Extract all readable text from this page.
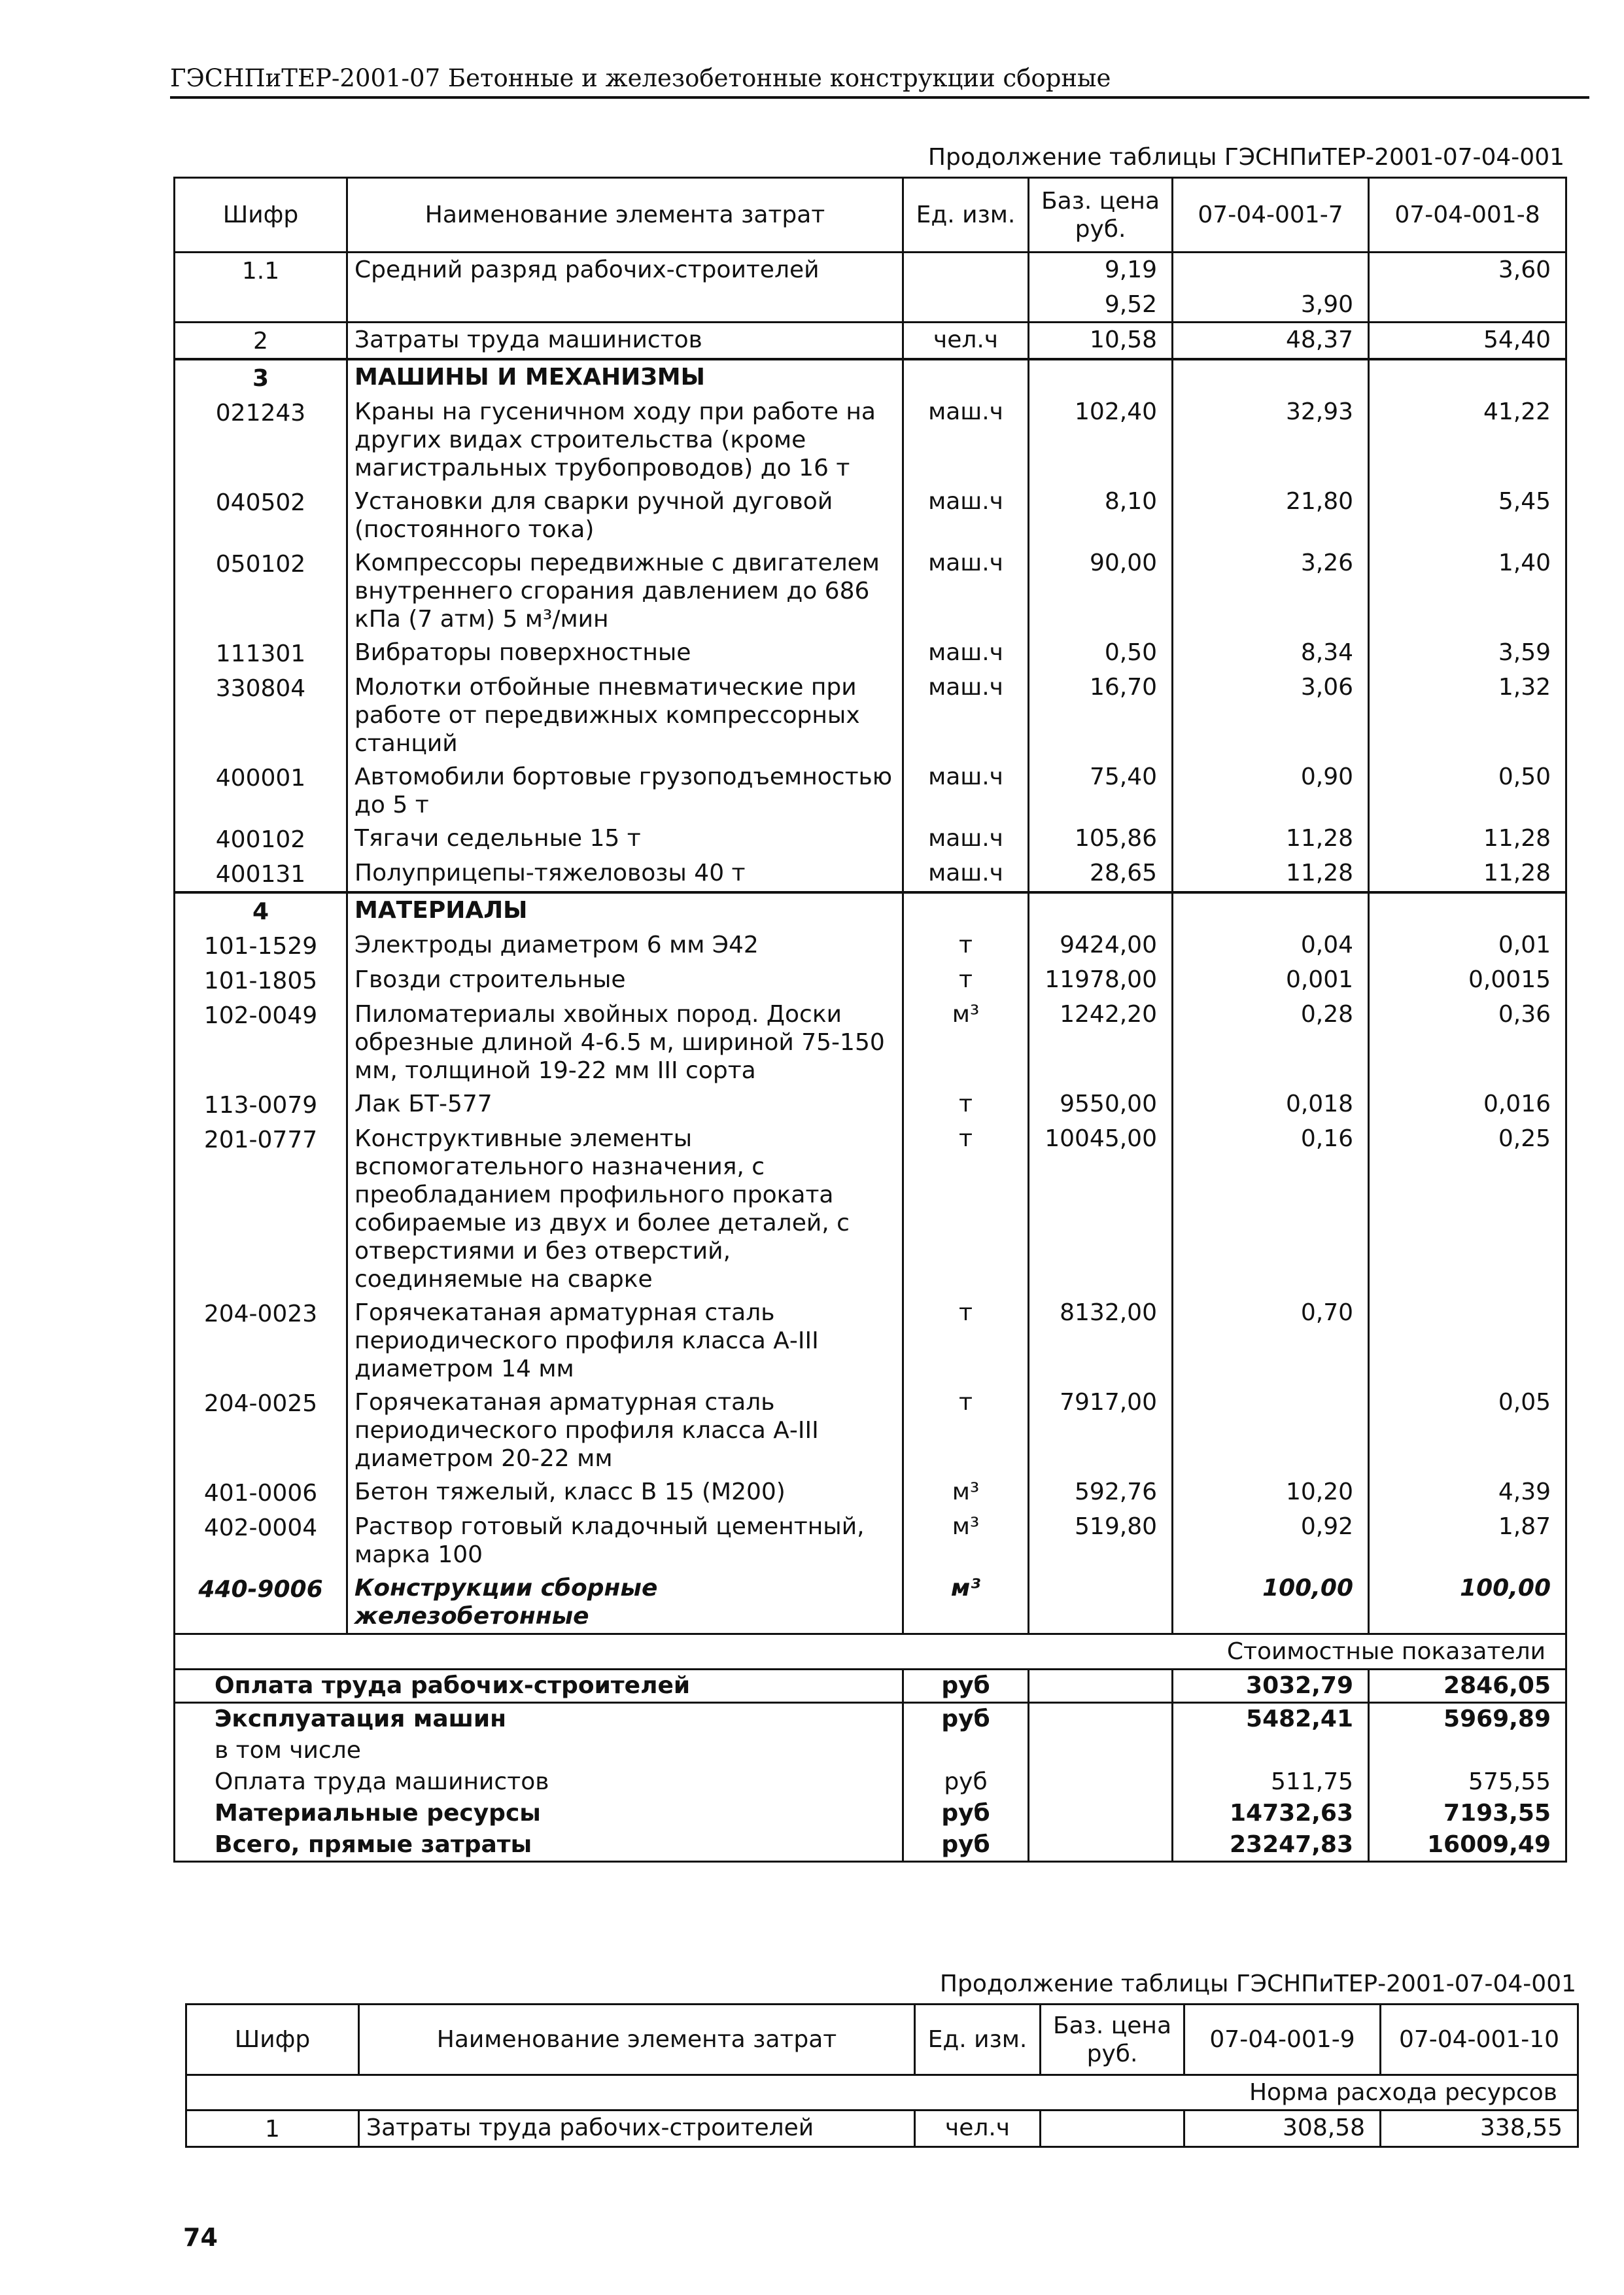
ГЭСНПиТЕР-2001-07 Бетонные и железобетонные конструкции сборные
Продолжение таблицы ГЭСНПиТЕР-2001-07-04-001
Шифр	Наименование элемента затрат	Ед. изм.	Баз. цена руб.	07-04-001-7	07-04-001-8
1.1	Средний разряд рабочих-строителей		9,19		3,60
			9,52	3,90	
2	Затраты труда машинистов	чел.ч	10,58	48,37	54,40
3	МАШИНЫ И МЕХАНИЗМЫ				
021243	Краны на гусеничном ходу при работе на других видах строительства (кроме магистральных трубопроводов) до 16 т	маш.ч	102,40	32,93	41,22
040502	Установки для сварки ручной дуговой (постоянного тока)	маш.ч	8,10	21,80	5,45
050102	Компрессоры передвижные с двигателем внутреннего сгорания давлением до 686 кПа (7 атм) 5 м³/мин	маш.ч	90,00	3,26	1,40
111301	Вибраторы поверхностные	маш.ч	0,50	8,34	3,59
330804	Молотки отбойные пневматические при работе от передвижных компрессорных станций	маш.ч	16,70	3,06	1,32
400001	Автомобили бортовые грузоподъемностью до 5 т	маш.ч	75,40	0,90	0,50
400102	Тягачи седельные 15 т	маш.ч	105,86	11,28	11,28
400131	Полуприцепы-тяжеловозы 40 т	маш.ч	28,65	11,28	11,28
4	МАТЕРИАЛЫ				
101-1529	Электроды диаметром 6 мм Э42	т	9424,00	0,04	0,01
101-1805	Гвозди строительные	т	11978,00	0,001	0,0015
102-0049	Пиломатериалы хвойных пород. Доски обрезные длиной 4-6.5 м, шириной 75-150 мм, толщиной 19-22 мм III сорта	м³	1242,20	0,28	0,36
113-0079	Лак БТ-577	т	9550,00	0,018	0,016
201-0777	Конструктивные элементы вспомогательного назначения, с преобладанием профильного проката собираемые из двух и более деталей, с отверстиями и без отверстий, соединяемые на сварке	т	10045,00	0,16	0,25
204-0023	Горячекатаная арматурная сталь периодического профиля класса А-III диаметром 14 мм	т	8132,00	0,70	
204-0025	Горячекатаная арматурная сталь периодического профиля класса А-III диаметром 20-22 мм	т	7917,00		0,05
401-0006	Бетон тяжелый, класс В 15 (М200)	м³	592,76	10,20	4,39
402-0004	Раствор готовый кладочный цементный, марка 100	м³	519,80	0,92	1,87
440-9006	Конструкции сборные железобетонные	м³		100,00	100,00
Стоимостные показатели					
Оплата труда рабочих-строителей		руб		3032,79	2846,05
Эксплуатация машин		руб		5482,41	5969,89
в том числе					
Оплата труда машинистов		руб		511,75	575,55
Материальные ресурсы		руб		14732,63	7193,55
Всего, прямые затраты		руб		23247,83	16009,49
Продолжение таблицы ГЭСНПиТЕР-2001-07-04-001
Шифр	Наименование элемента затрат	Ед. изм.	Баз. цена руб.	07-04-001-9	07-04-001-10
Норма расхода ресурсов					
1	Затраты труда рабочих-строителей	чел.ч		308,58	338,55
74
